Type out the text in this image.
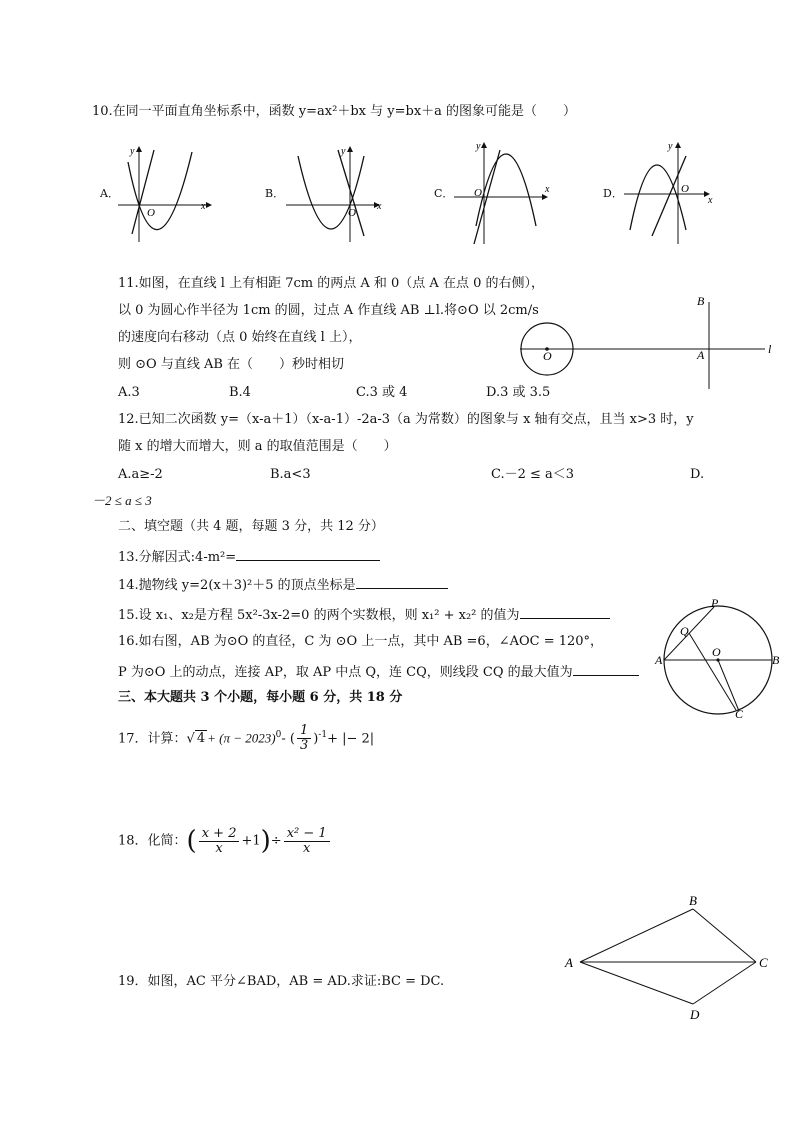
10.在同一平面直角坐标系中，函数 y=ax²＋bx 与 y=bx＋a 的图象可能是（　　）
A．
y
x
O
B．
y
x
O
C．
y
x
O	D．
y
x
O
11.如图，在直线 l 上有相距 7cm 的两点 A 和 0（点 A 在点 0 的右侧），
以 0 为圆心作半径为 1cm 的圆，过点 A 作直线 AB ⊥l.将⊙O 以 2cm/s
的速度向右移动（点 0 始终在直线 l 上），
则 ⊙O 与直线 AB 在（　　）秒时相切
A.3	B.4	C.3 或 4	D.3 或 3.5
B
A
O	l
12.已知二次函数 y=（x-a＋1）（x-a-1）-2a-3（a 为常数）的图象与 x 轴有交点，且当 x>3 时，y
随 x 的增大而增大，则 a 的取值范围是（　　）
A.a≥-2	B.a<3	C.－2 ≤ a＜3	D.
－2 ≤ a ≤ 3
二、填空题（共 4 题，每题 3 分，共 12 分）
13.分解因式:4-m²=
14.抛物线 y=2(x＋3)²＋5 的顶点坐标是
15.设 x₁、x₂是方程 5x²-3x-2=0 的两个实数根，则 x₁² + x₂² 的值为
16.如右图，AB 为⊙O 的直径，C 为 ⊙O 上一点，其中 AB =6，∠AOC = 120°，
P 为⊙O 上的动点，连接 AP，取 AP 中点 Q，连 CQ，则线段 CQ 的最大值为
P
Q
A
O
B
C
三、本大题共 3 个小题，每小题 6 分，共 18 分
17．计算：√ $4 + (\pi - 2023)^0-$ ( $\frac{1}{3} )^{-1}+$ |− 2|
18．化简：( $\frac{x + 2}{x} +1)\div \frac{\text{x² − 1}}{x}$
19．如图，AC 平分∠BAD，AB = AD.求证:BC = DC.
A
B
C
D
